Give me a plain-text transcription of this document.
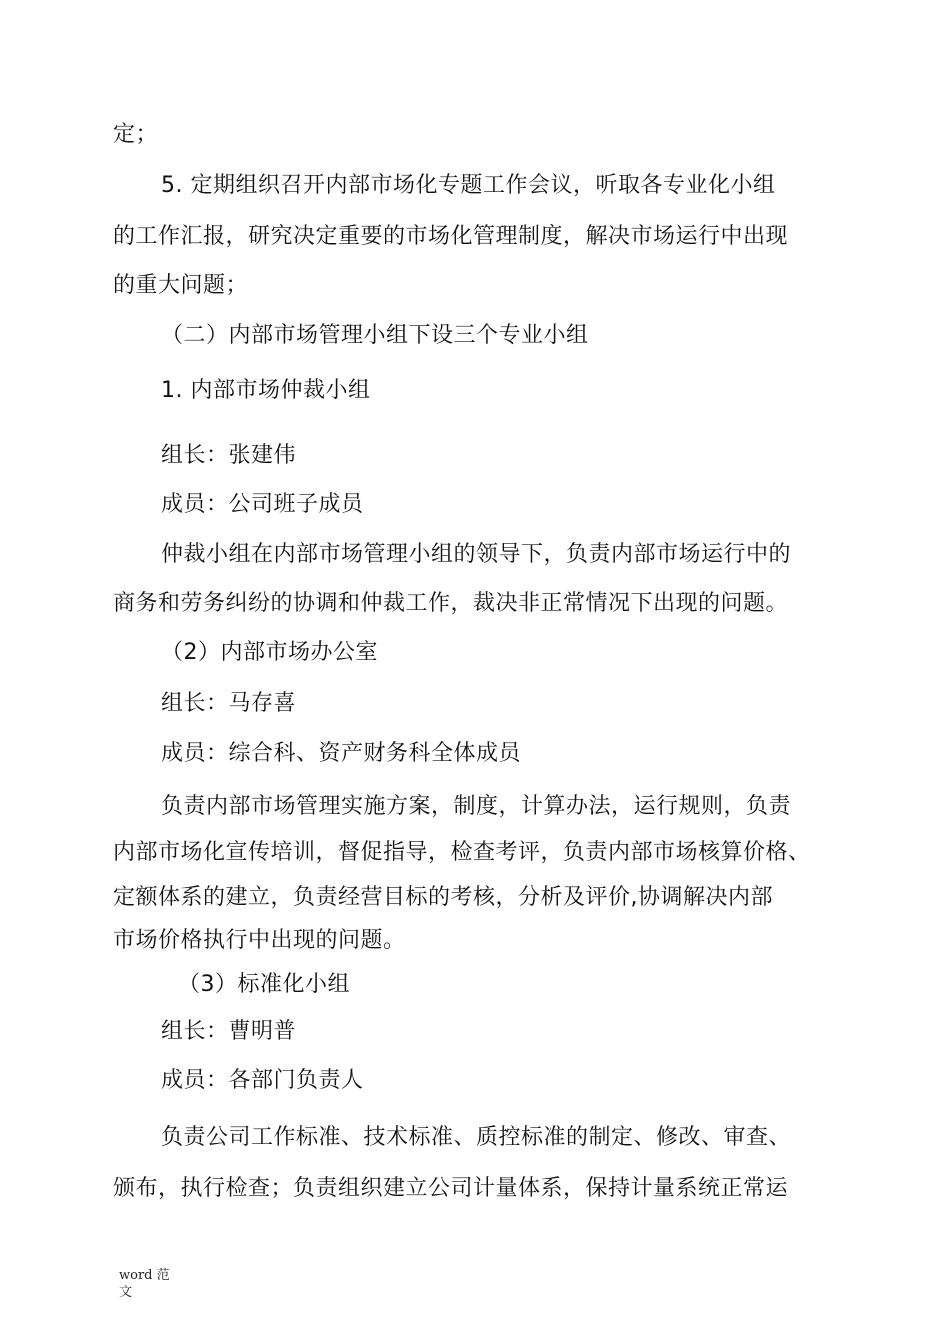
定；
5. 定期组织召开内部市场化专题工作会议，听取各专业化小组
的工作汇报，研究决定重要的市场化管理制度，解决市场运行中出现
的重大问题；
（二）内部市场管理小组下设三个专业小组
1. 内部市场仲裁小组
组长：张建伟
成员：公司班子成员
仲裁小组在内部市场管理小组的领导下，负责内部市场运行中的
商务和劳务纠纷的协调和仲裁工作，裁决非正常情况下出现的问题。
（2）内部市场办公室
组长：马存喜
成员：综合科、资产财务科全体成员
负责内部市场管理实施方案，制度，计算办法，运行规则，负责
内部市场化宣传培训，督促指导，检查考评，负责内部市场核算价格、
定额体系的建立，负责经营目标的考核，分析及评价,协调解决内部
市场价格执行中出现的问题。
（3）标准化小组
组长：曹明普
成员：各部门负责人
负责公司工作标准、技术标准、质控标准的制定、修改、审查、
颁布，执行检查；负责组织建立公司计量体系，保持计量系统正常运
word 范
文
